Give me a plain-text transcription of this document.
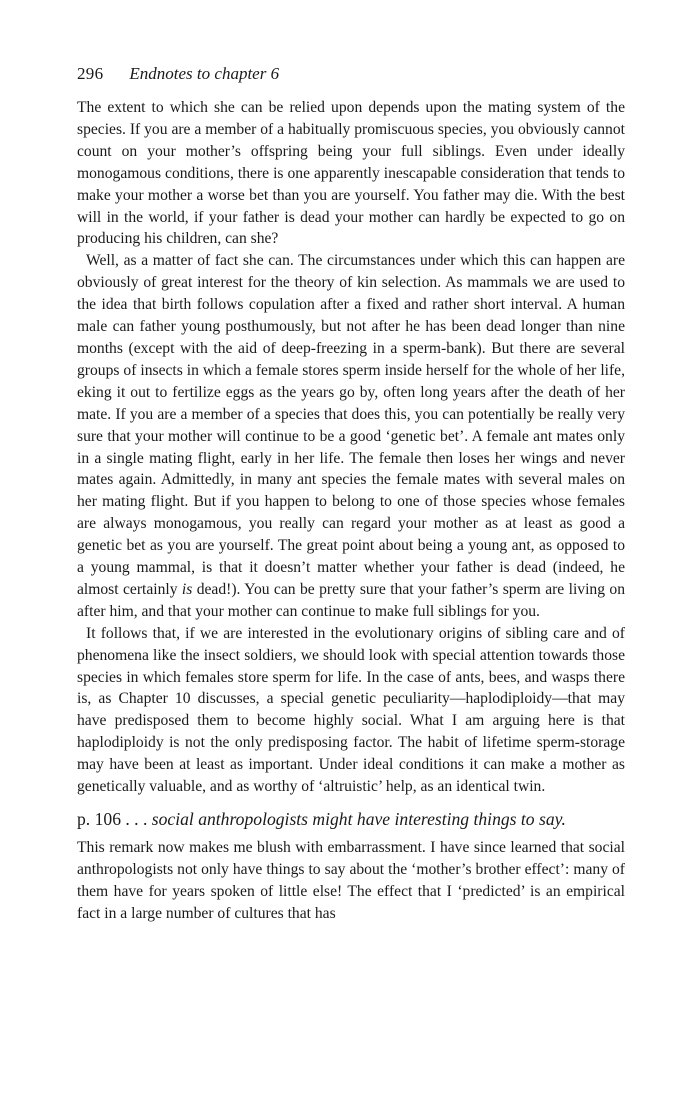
296 Endnotes to chapter 6

The extent to which she can be relied upon depends upon the mating system of the species. If you are a member of a habitually promiscuous species, you obviously cannot count on your mother’s offspring being your full siblings. Even under ideally monogamous conditions, there is one apparently inescapable consideration that tends to make your mother a worse bet than you are yourself. You father may die. With the best will in the world, if your father is dead your mother can hardly be expected to go on producing his children, can she?

Well, as a matter of fact she can. The circumstances under which this can happen are obviously of great interest for the theory of kin selection. As mammals we are used to the idea that birth follows copulation after a fixed and rather short interval. A human male can father young posthumously, but not after he has been dead longer than nine months (except with the aid of deep-freezing in a sperm-bank). But there are several groups of insects in which a female stores sperm inside herself for the whole of her life, eking it out to fertilize eggs as the years go by, often long years after the death of her mate. If you are a member of a species that does this, you can potentially be really very sure that your mother will continue to be a good ‘genetic bet’. A female ant mates only in a single mating flight, early in her life. The female then loses her wings and never mates again. Admittedly, in many ant species the female mates with several males on her mating flight. But if you happen to belong to one of those species whose females are always monogamous, you really can regard your mother as at least as good a genetic bet as you are yourself. The great point about being a young ant, as opposed to a young mammal, is that it doesn’t matter whether your father is dead (indeed, he almost certainly is dead!). You can be pretty sure that your father’s sperm are living on after him, and that your mother can continue to make full siblings for you.

It follows that, if we are interested in the evolutionary origins of sibling care and of phenomena like the insect soldiers, we should look with special attention towards those species in which females store sperm for life. In the case of ants, bees, and wasps there is, as Chapter 10 discusses, a special genetic peculiarity—haplodiploidy—that may have predisposed them to become highly social. What I am arguing here is that haplodiploidy is not the only predisposing factor. The habit of lifetime sperm-storage may have been at least as important. Under ideal conditions it can make a mother as genetically valuable, and as worthy of ‘altruistic’ help, as an identical twin.

p. 106 . . . social anthropologists might have interesting things to say.

This remark now makes me blush with embarrassment. I have since learned that social anthropologists not only have things to say about the ‘mother’s brother effect’: many of them have for years spoken of little else! The effect that I ‘predicted’ is an empirical fact in a large number of cultures that has
